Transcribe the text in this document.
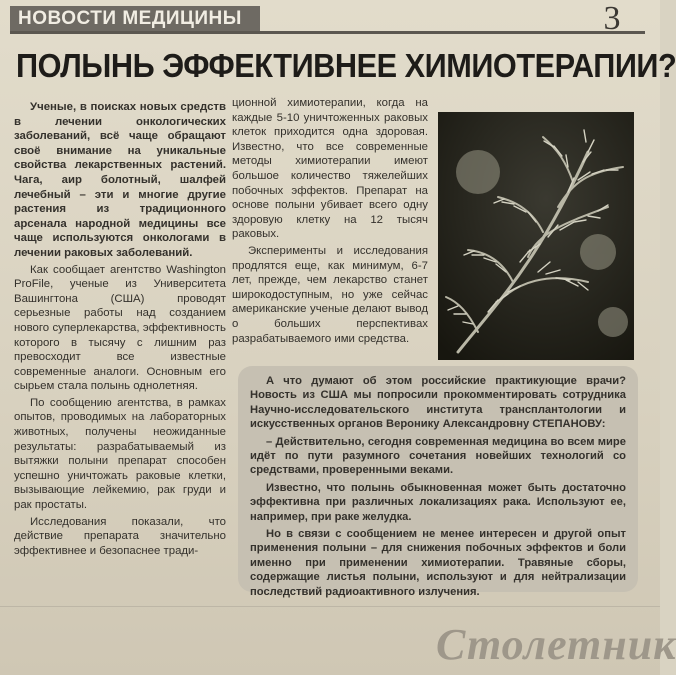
НОВОСТИ МЕДИЦИНЫ	3
ПОЛЫНЬ ЭФФЕКТИВНЕЕ ХИМИОТЕРАПИИ?

Ученые, в поисках новых средств в лечении онкологических заболеваний, всё чаще обращают своё внимание на уникальные свойства лекарственных растений. Чага, аир болотный, шалфей лечебный – эти и многие другие растения из традиционного арсенала народной медицины все чаще используются онкологами в лечении раковых заболеваний.

Как сообщает агентство Washington ProFile, ученые из Университета Вашингтона (США) проводят серьезные работы над созданием нового суперлекарства, эффективность которого в тысячу с лишним раз превосходит все известные современные аналоги. Основным его сырьем стала полынь однолетняя.

По сообщению агентства, в рамках опытов, проводимых на лабораторных животных, получены неожиданные результаты: разрабатываемый из вытяжки полыни препарат способен успешно уничтожать раковые клетки, вызывающие лейкемию, рак груди и рак простаты.

Исследования показали, что действие препарата значительно эффективнее и безопаснее тради-

ционной химиотерапии, когда на каждые 5-10 уничтоженных раковых клеток приходится одна здоровая. Известно, что все современные методы химиотерапии имеют большое количество тяжелейших побочных эффектов. Препарат на основе полыни убивает всего одну здоровую клетку на 12 тысяч раковых.

Эксперименты и исследования продлятся еще, как минимум, 6-7 лет, прежде, чем лекарство станет широкодоступным, но уже сейчас американские ученые делают вывод о больших перспективах разрабатываемого ими средства.

А что думают об этом российские практикующие врачи? Новость из США мы попросили прокомментировать сотрудника Научно-исследовательского института трансплантологии и искусственных органов Веронику Александровну СТЕПАНОВУ:

– Действительно, сегодня современная медицина во всем мире идёт по пути разумного сочетания новейших технологий со средствами, проверенными веками.

Известно, что полынь обыкновенная может быть достаточно эффективна при различных локализациях рака. Используют ее, например, при раке желудка.

Но в связи с сообщением не менее интересен и другой опыт применения полыни – для снижения побочных эффектов и боли именно при применении химиотерапии. Травяные сборы, содержащие листья полыни, используют и для нейтрализации последствий радиоактивного излучения.

Столетник
